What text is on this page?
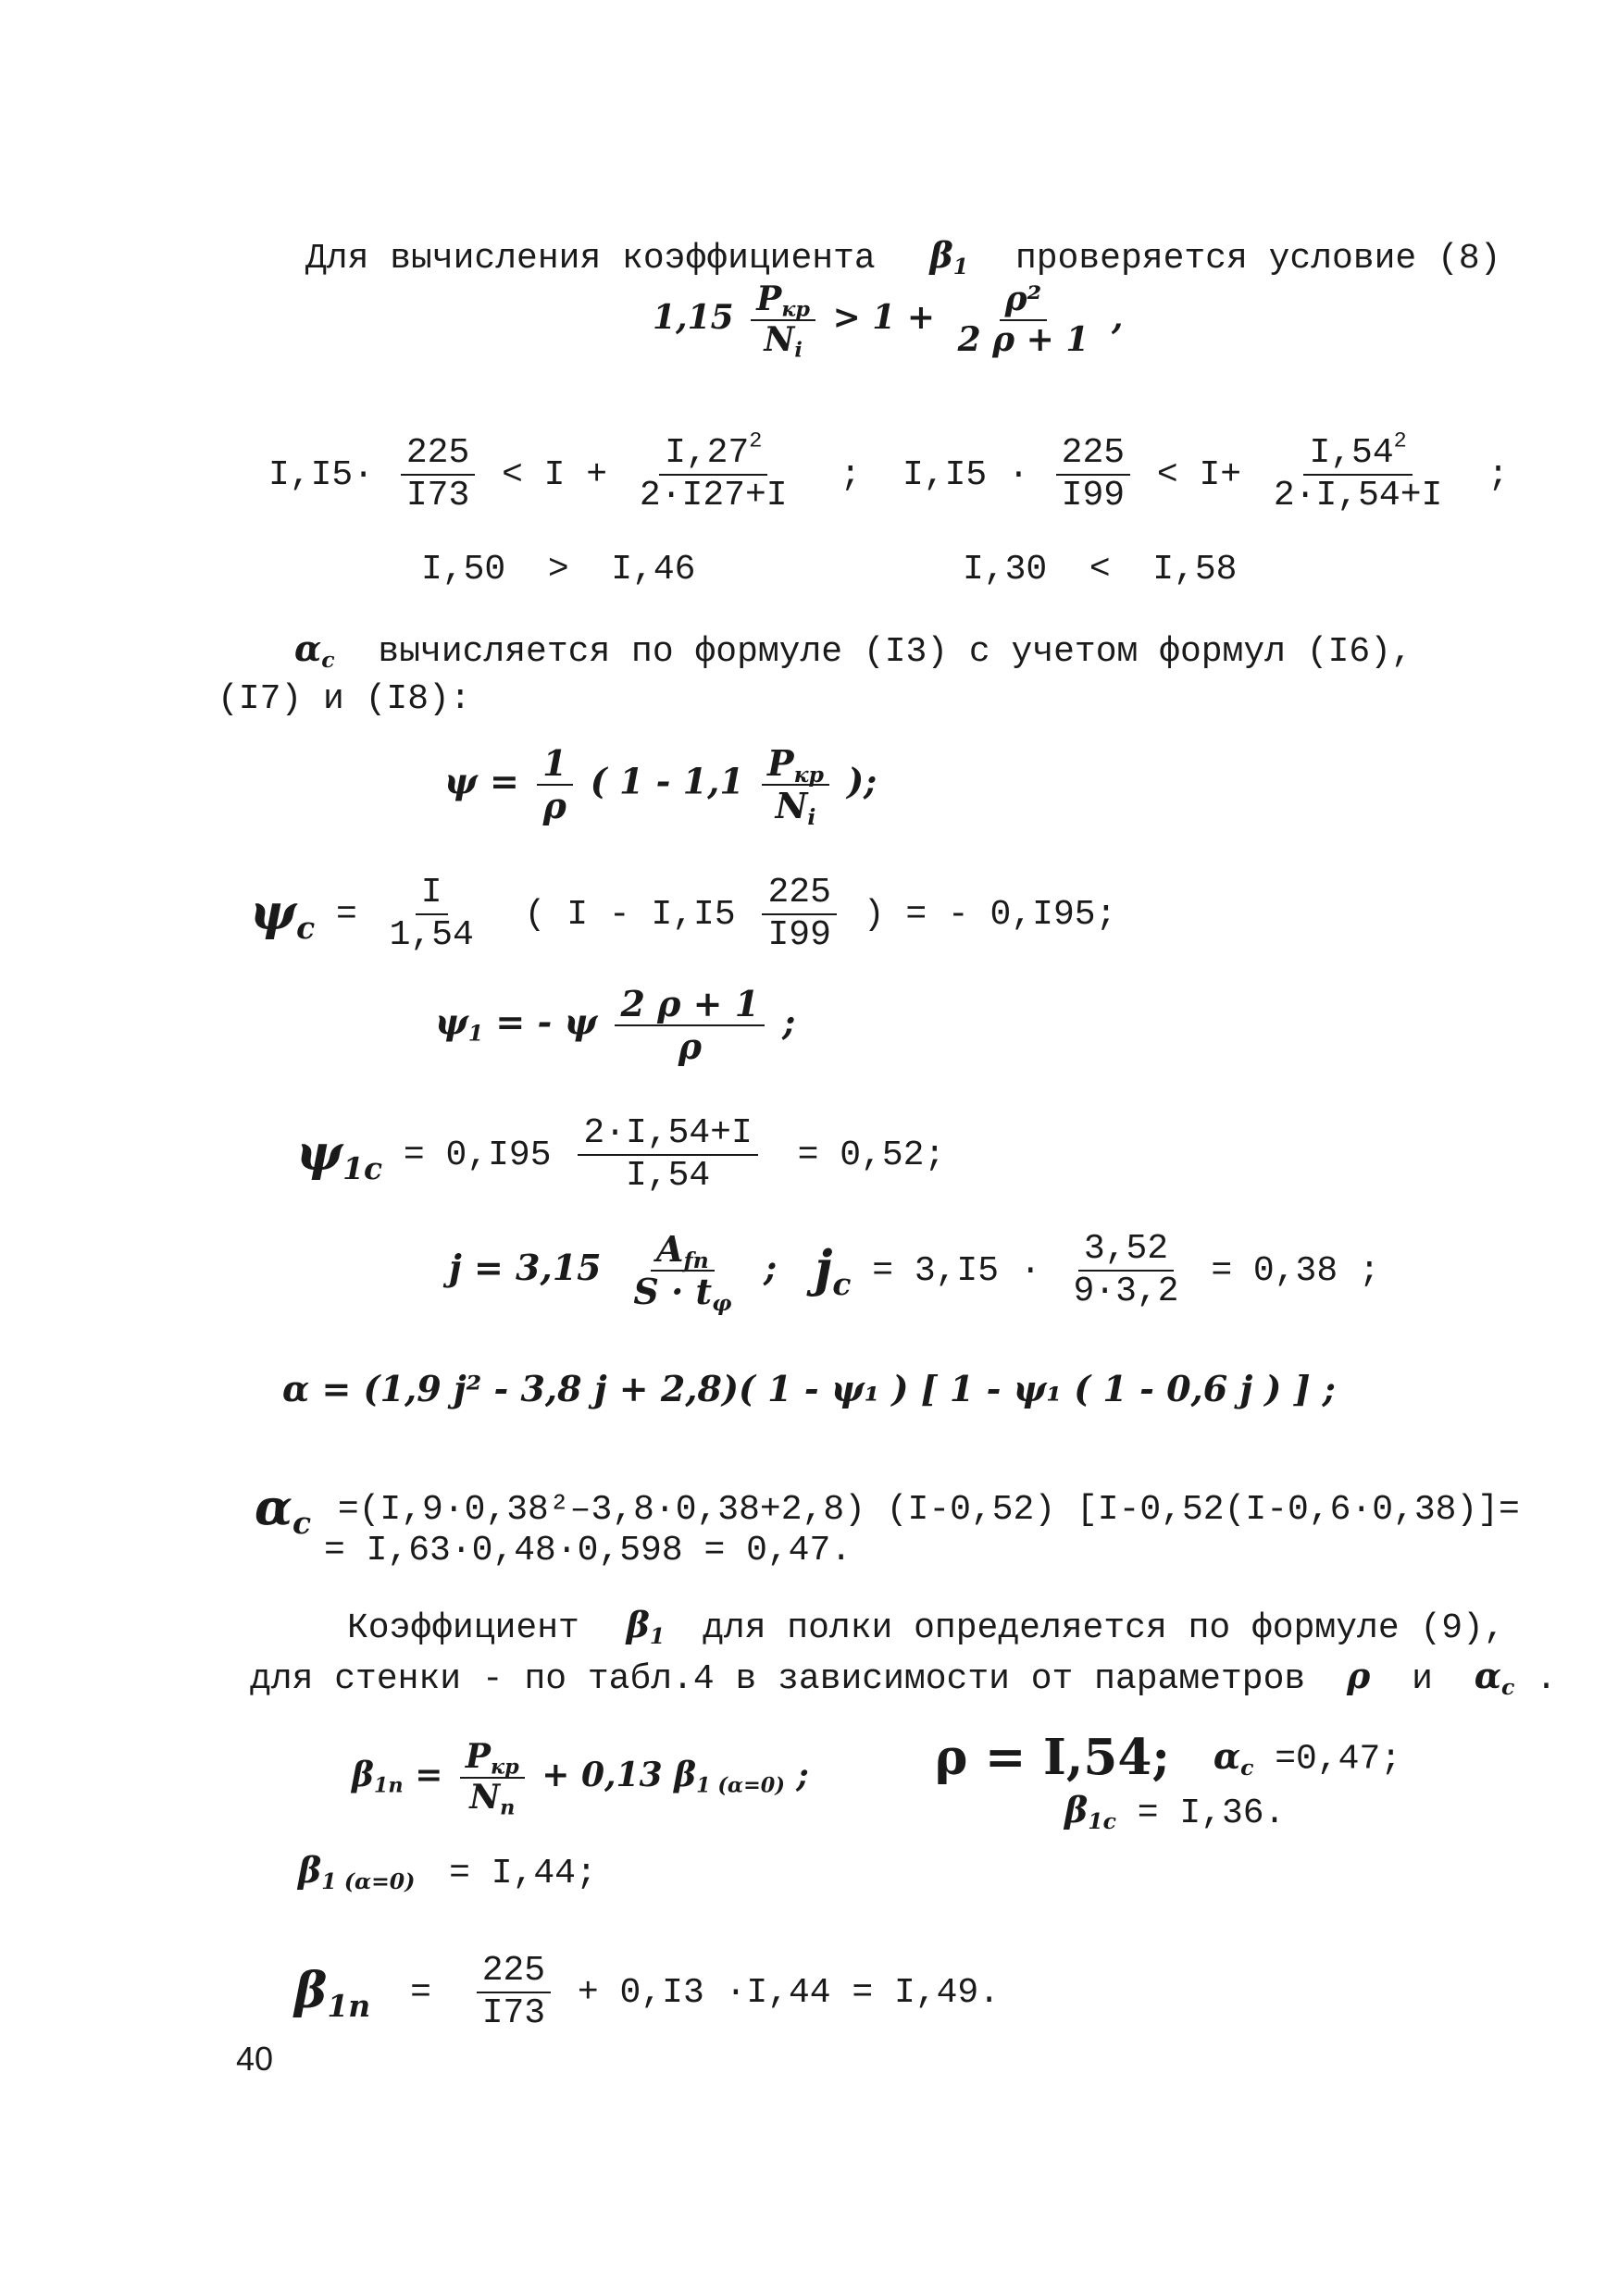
Для вычисления коэффициента $\beta_1$ проверяется условие (8)
$1,15 \frac{P_{кр}}{N_i} > 1 + \frac{\text{ρ²}}{2 \rho + 1}$ ,
$I,I5\cdot \frac{225}{I73} < I + \frac{I,27^2}{2\cdot I27+I}$ ; $I,I5 \cdot \frac{225}{I99} < I+ \frac{I,54^2}{2\cdot I,54+I}$ ;
I,50  >  I,46	I,30  <  I,58
$\alpha_c$ вычисляется по формуле (I3) с учетом формул (I6),
(I7) и (I8):
$\psi = \frac{1}{\rho}$ ( $1 - 1,1 \frac{P_{кр}}{N_i}$ );
$\psi_c = \frac{I}{1,54}$ ( I - $I,I5 \frac{225}{I99}$ ) = - 0,I95;
$\psi_1$ = - ψ $\frac{2 \rho + 1}{\rho}$ ;
$\psi_{1c} = 0,I95 \frac{2\cdot I,54+I}{I,54} = 0,52$;
$j = 3,15 \frac{A_{fп}}{S \cdot t_\varphi}$ ; $j_c = 3,I5 \cdot \frac{3,52}{9\cdot 3,2} = 0,38$ ;
α = (1,9 j² - 3,8 j + 2,8)( 1 - ψ₁ ) [ 1 - ψ₁ ( 1 - 0,6 j ) ] ;
$\alpha_c =(I,9\cdot 0,38^2-3,8\cdot 0,38+2,8)$ (I-0,52) [I-0,52(I-0,6·0,38)]=
= I,63·0,48·0,598 = 0,47.
Коэффициент $\beta_1$ для полки определяется по формуле (9),
для стенки - по табл.4 в зависимости от параметров ρ и $\alpha_c$ .
$\beta_{1п} = \frac{P_{кр}}{N_п} + 0,13$ $\beta_{1 (\alpha=0)}$ ;	ρ = I,54; $\alpha_c =0,47$;
$\beta_{1c} = I,36$.
$\beta_{1 (\alpha=0)} = I,44$;
$\beta_{1п} = \frac{225}{I73} + 0,I3 \cdot I,44 = I,49$.
40
